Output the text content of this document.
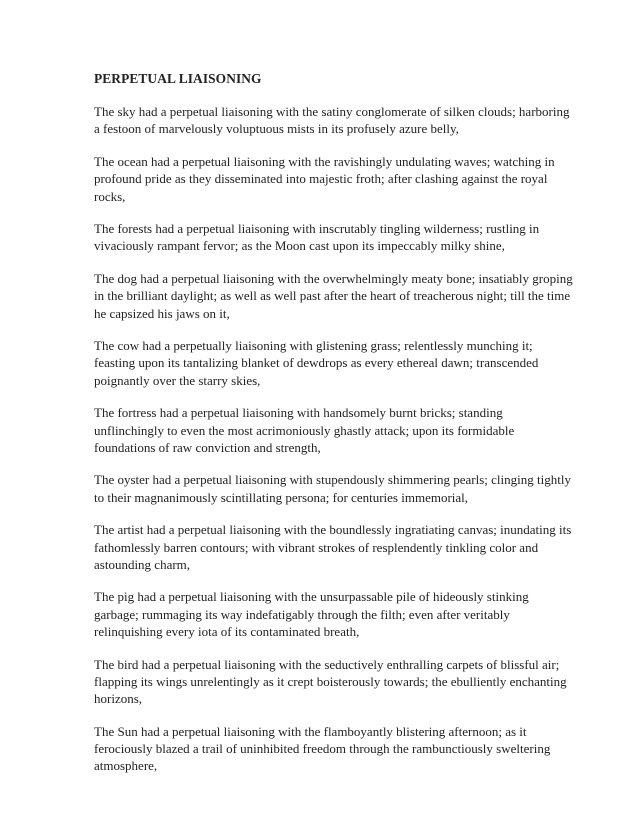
PERPETUAL LIAISONING

The sky had a perpetual liaisoning with the satiny conglomerate of silken clouds; harboring a festoon of marvelously voluptuous mists in its profusely azure belly,

The ocean had a perpetual liaisoning with the ravishingly undulating waves; watching in profound pride as they disseminated into majestic froth; after clashing against the royal rocks,

The forests had a perpetual liaisoning with inscrutably tingling wilderness; rustling in vivaciously rampant fervor; as the Moon cast upon its impeccably milky shine,

The dog had a perpetual liaisoning with the overwhelmingly meaty bone; insatiably groping in the brilliant daylight; as well as well past after the heart of treacherous night; till the time he capsized his jaws on it,

The cow had a perpetually liaisoning with glistening grass; relentlessly munching it; feasting upon its tantalizing blanket of dewdrops as every ethereal dawn; transcended poignantly over the starry skies,

The fortress had a perpetual liaisoning with handsomely burnt bricks; standing unflinchingly to even the most acrimoniously ghastly attack; upon its formidable foundations of raw conviction and strength,

The oyster had a perpetual liaisoning with stupendously shimmering pearls; clinging tightly to their magnanimously scintillating persona; for centuries immemorial,

The artist had a perpetual liaisoning with the boundlessly ingratiating canvas; inundating its fathomlessly barren contours; with vibrant strokes of resplendently tinkling color and astounding charm,

The pig had a perpetual liaisoning with the unsurpassable pile of hideously stinking garbage; rummaging its way indefatigably through the filth; even after veritably relinquishing every iota of its contaminated breath,

The bird had a perpetual liaisoning with the seductively enthralling carpets of blissful air; flapping its wings unrelentingly as it crept boisterously towards; the ebulliently enchanting horizons,

The Sun had a perpetual liaisoning with the flamboyantly blistering afternoon; as it ferociously blazed a trail of uninhibited freedom through the rambunctiously sweltering atmosphere,
